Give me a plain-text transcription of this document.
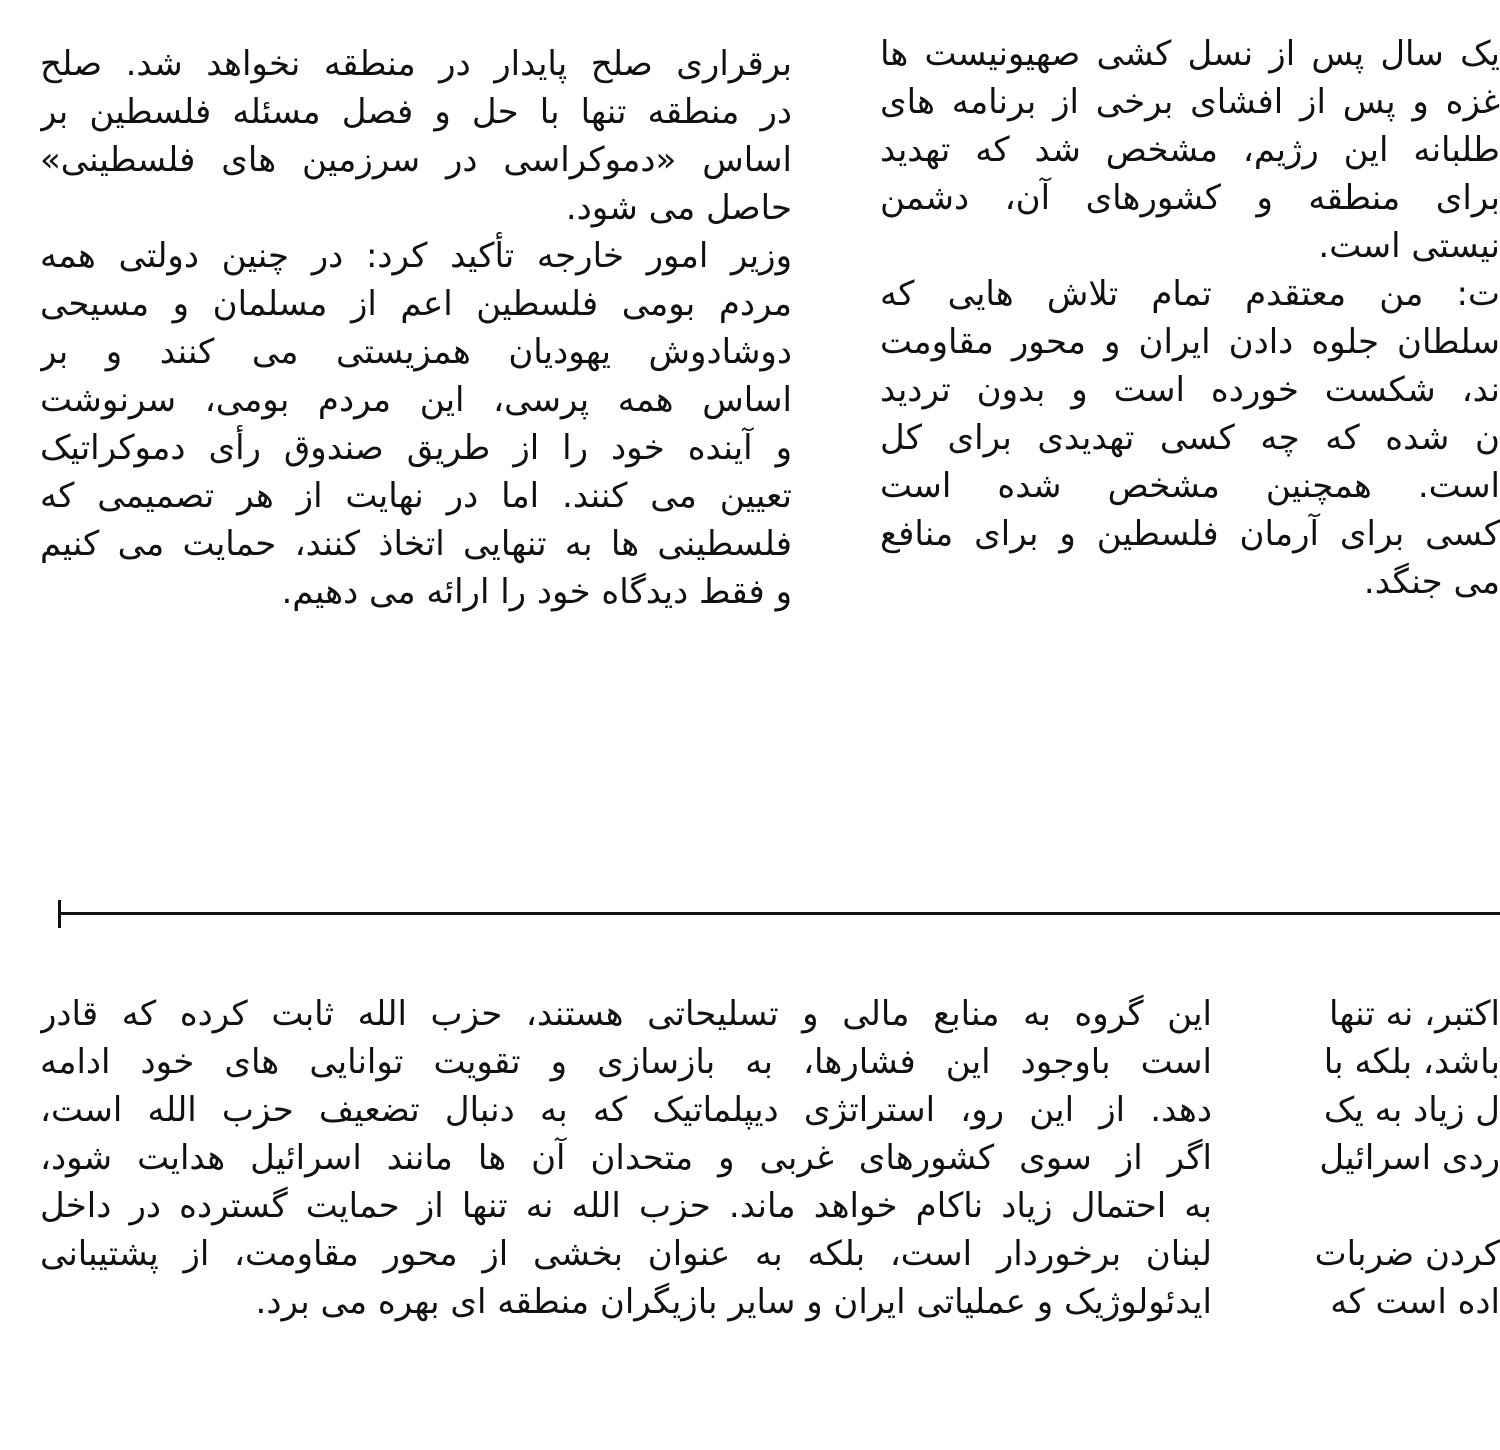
برقراری صلح پایدار در منطقه نخواهد شد. صلح
در منطقه تنها با حل و فصل مسئله فلسطین بر
اساس «دموکراسی در سرزمین های فلسطینی»
حاصل می شود.
وزیر امور خارجه تأکید کرد: در چنین دولتی همه
مردم بومی فلسطین اعم از مسلمان و مسیحی
دوشادوش یهودیان همزیستی می کنند و بر
اساس همه پرسی، این مردم بومی، سرنوشت
و آینده خود را از طریق صندوق رأی دموکراتیک
تعیین می کنند. اما در نهایت از هر تصمیمی که
فلسطینی ها به تنهایی اتخاذ کنند، حمایت می کنیم
و فقط دیدگاه خود را ارائه می دهیم.
یک سال پس از نسل کشی صهیونیست ها
غزه و پس از افشای برخی از برنامه های
طلبانه این رژیم، مشخص شد که تهدید
برای منطقه و کشورهای آن، دشمن
نیستی است.
ت: من معتقدم تمام تلاش هایی که
سلطان جلوه دادن ایران و محور مقاومت
ند، شکست خورده است و بدون تردید
ن شده که چه کسی تهدیدی برای کل
است. همچنین مشخص شده است
کسی برای آرمان فلسطین و برای منافع
می جنگد.
این گروه به منابع مالی و تسلیحاتی هستند، حزب الله ثابت کرده که قادر
است باوجود این فشارها، به بازسازی و تقویت توانایی های خود ادامه
دهد. از این رو، استراتژی دیپلماتیک که به دنبال تضعیف حزب الله است،
اگر از سوی کشورهای غربی و متحدان آن ها مانند اسرائیل هدایت شود،
به احتمال زیاد ناکام خواهد ماند. حزب الله نه تنها از حمایت گسترده در داخل
لبنان برخوردار است، بلکه به عنوان بخشی از محور مقاومت، از پشتیبانی
ایدئولوژیک و عملیاتی ایران و سایر بازیگران منطقه ای بهره می برد.
اکتبر، نه تنها
باشد، بلکه با
ل زیاد به یک
ردی اسرائیل
کردن ضربات
اده است که
